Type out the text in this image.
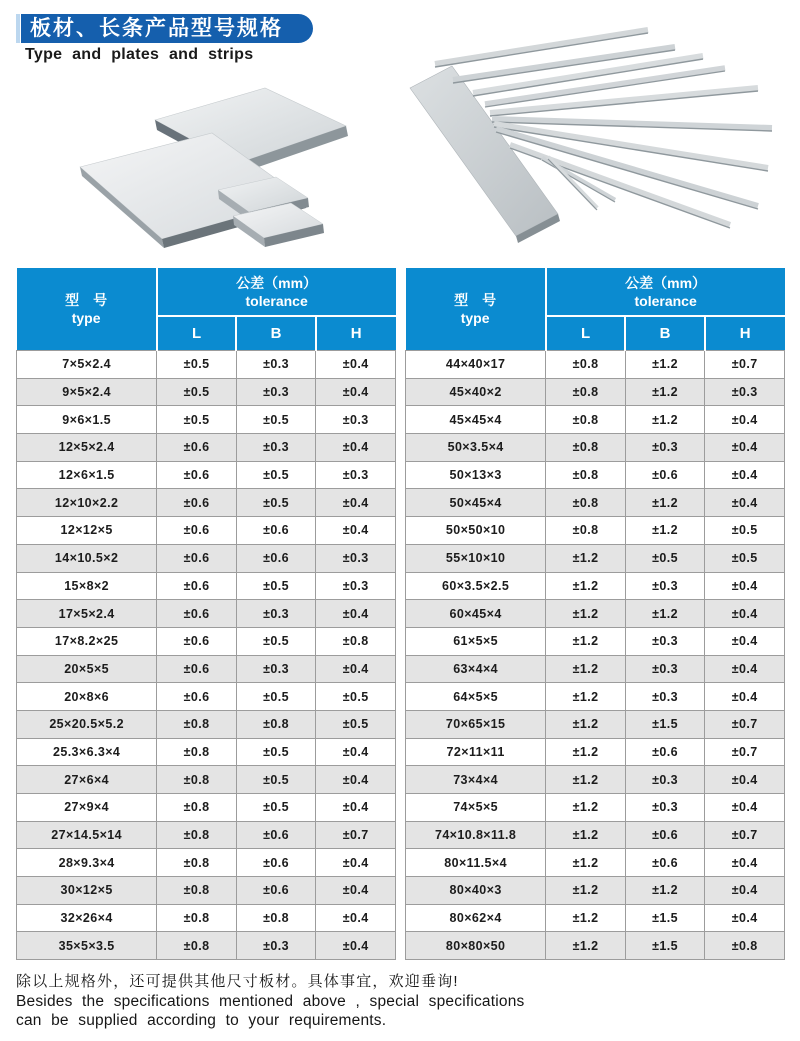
板材、长条产品型号规格
Type and plates and strips
型　号
type

公差（mm）
tolerance

	L	B	H
7×5×2.4	±0.5	±0.3	±0.4
9×5×2.4	±0.5	±0.3	±0.4
9×6×1.5	±0.5	±0.5	±0.3
12×5×2.4	±0.6	±0.3	±0.4
12×6×1.5	±0.6	±0.5	±0.3
12×10×2.2	±0.6	±0.5	±0.4
12×12×5	±0.6	±0.6	±0.4
14×10.5×2	±0.6	±0.6	±0.3
15×8×2	±0.6	±0.5	±0.3
17×5×2.4	±0.6	±0.3	±0.4
17×8.2×25	±0.6	±0.5	±0.8
20×5×5	±0.6	±0.3	±0.4
20×8×6	±0.6	±0.5	±0.5
25×20.5×5.2	±0.8	±0.8	±0.5
25.3×6.3×4	±0.8	±0.5	±0.4
27×6×4	±0.8	±0.5	±0.4
27×9×4	±0.8	±0.5	±0.4
27×14.5×14	±0.8	±0.6	±0.7
28×9.3×4	±0.8	±0.6	±0.4
30×12×5	±0.8	±0.6	±0.4
32×26×4	±0.8	±0.8	±0.4
35×5×3.5	±0.8	±0.3	±0.4
型　号
type

公差（mm）
tolerance

	L	B	H
44×40×17	±0.8	±1.2	±0.7
45×40×2	±0.8	±1.2	±0.3
45×45×4	±0.8	±1.2	±0.4
50×3.5×4	±0.8	±0.3	±0.4
50×13×3	±0.8	±0.6	±0.4
50×45×4	±0.8	±1.2	±0.4
50×50×10	±0.8	±1.2	±0.5
55×10×10	±1.2	±0.5	±0.5
60×3.5×2.5	±1.2	±0.3	±0.4
60×45×4	±1.2	±1.2	±0.4
61×5×5	±1.2	±0.3	±0.4
63×4×4	±1.2	±0.3	±0.4
64×5×5	±1.2	±0.3	±0.4
70×65×15	±1.2	±1.5	±0.7
72×11×11	±1.2	±0.6	±0.7
73×4×4	±1.2	±0.3	±0.4
74×5×5	±1.2	±0.3	±0.4
74×10.8×11.8	±1.2	±0.6	±0.7
80×11.5×4	±1.2	±0.6	±0.4
80×40×3	±1.2	±1.2	±0.4
80×62×4	±1.2	±1.5	±0.4
80×80×50	±1.2	±1.5	±0.8
除以上规格外，还可提供其他尺寸板材。具体事宜，欢迎垂询!
Besides the specifications mentioned above , special specifications
can be supplied according to your requirements.
